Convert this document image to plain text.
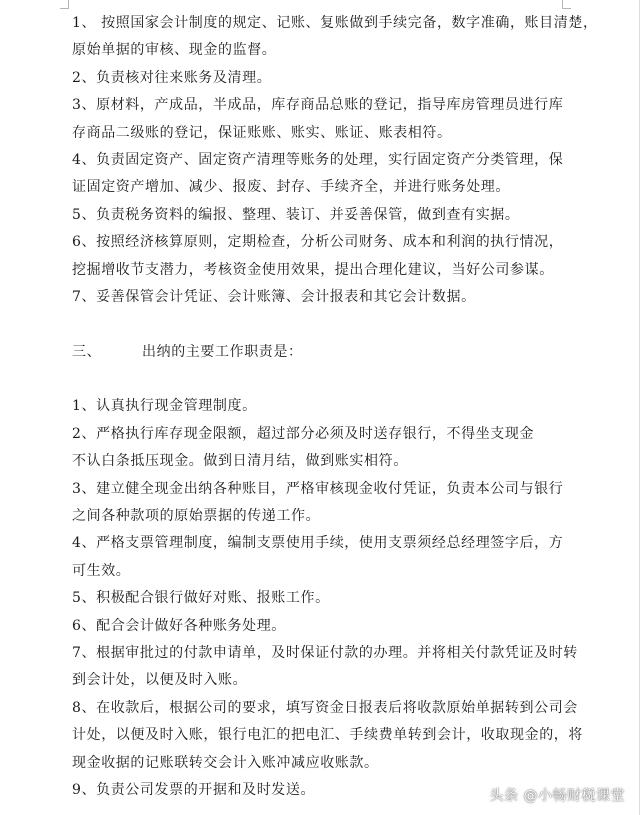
1、 按照国家会计制度的规定、记账、复账做到手续完备，数字准确，账目清楚，
原始单据的审核、现金的监督。
2、负责核对往来账务及清理。
3、原材料，产成品，半成品，库存商品总账的登记，指导库房管理员进行库
存商品二级账的登记，保证账账、账实、账证、账表相符。
4、负责固定资产、固定资产清理等账务的处理，实行固定资产分类管理，保
证固定资产增加、减少、报废、封存、手续齐全，并进行账务处理。
5、负责税务资料的编报、整理、装订、并妥善保管，做到查有实据。
6、按照经济核算原则，定期检查，分析公司财务、成本和利润的执行情况，
挖掘增收节支潜力，考核资金使用效果，提出合理化建议，当好公司参谋。
7、妥善保管会计凭证、会计账簿、会计报表和其它会计数据。
三、	出纳的主要工作职责是：
1、认真执行现金管理制度。
2、严格执行库存现金限额，超过部分必须及时送存银行，不得坐支现金
不认白条抵压现金。做到日清月结，做到账实相符。
3、建立健全现金出纳各种账目，严格审核现金收付凭证，负责本公司与银行
之间各种款项的原始票据的传递工作。
4、严格支票管理制度，编制支票使用手续，使用支票须经总经理签字后，方
可生效。
5、积极配合银行做好对账、报账工作。
6、配合会计做好各种账务处理。
7、根据审批过的付款申请单，及时保证付款的办理。并将相关付款凭证及时转
到会计处，以便及时入账。
8、在收款后，根据公司的要求，填写资金日报表后将收款原始单据转到公司会
计处，以便及时入账，银行电汇的把电汇、手续费单转到会计，收取现金的，将
现金收据的记账联转交会计入账冲减应收账款。
9、负责公司发票的开据和及时发送。	头条 @小畅财税课堂
